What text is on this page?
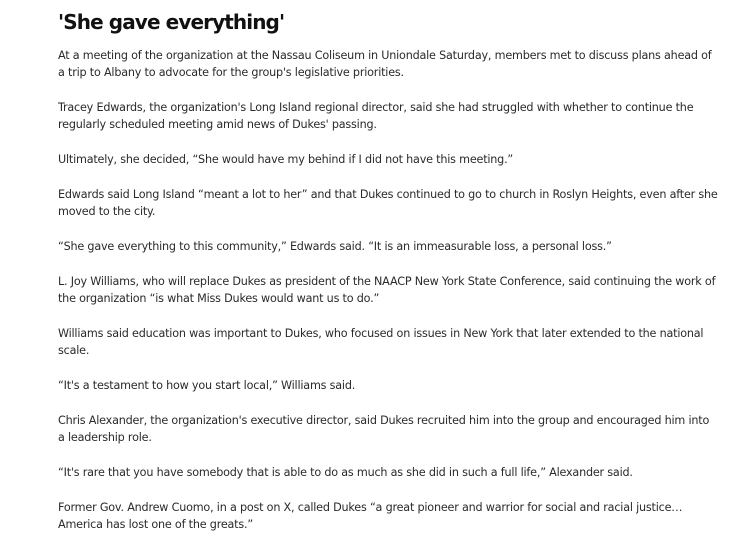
'She gave everything'

At a meeting of the organization at the Nassau Coliseum in Uniondale Saturday, members met to discuss plans ahead of a trip to Albany to advocate for the group's legislative priorities.

Tracey Edwards, the organization's Long Island regional director, said she had struggled with whether to continue the regularly scheduled meeting amid news of Dukes' passing.

Ultimately, she decided, “She would have my behind if I did not have this meeting.”

Edwards said Long Island “meant a lot to her” and that Dukes continued to go to church in Roslyn Heights, even after she moved to the city.

“She gave everything to this community,” Edwards said. “It is an immeasurable loss, a personal loss.”

L. Joy Williams, who will replace Dukes as president of the NAACP New York State Conference, said continuing the work of the organization “is what Miss Dukes would want us to do.”

Williams said education was important to Dukes, who focused on issues in New York that later extended to the national scale.

“It's a testament to how you start local,” Williams said.

Chris Alexander, the organization's executive director, said Dukes recruited him into the group and encouraged him into a leadership role.

“It's rare that you have somebody that is able to do as much as she did in such a full life,” Alexander said.

Former Gov. Andrew Cuomo, in a post on X, called Dukes “a great pioneer and warrior for social and racial justice… America has lost one of the greats.”
